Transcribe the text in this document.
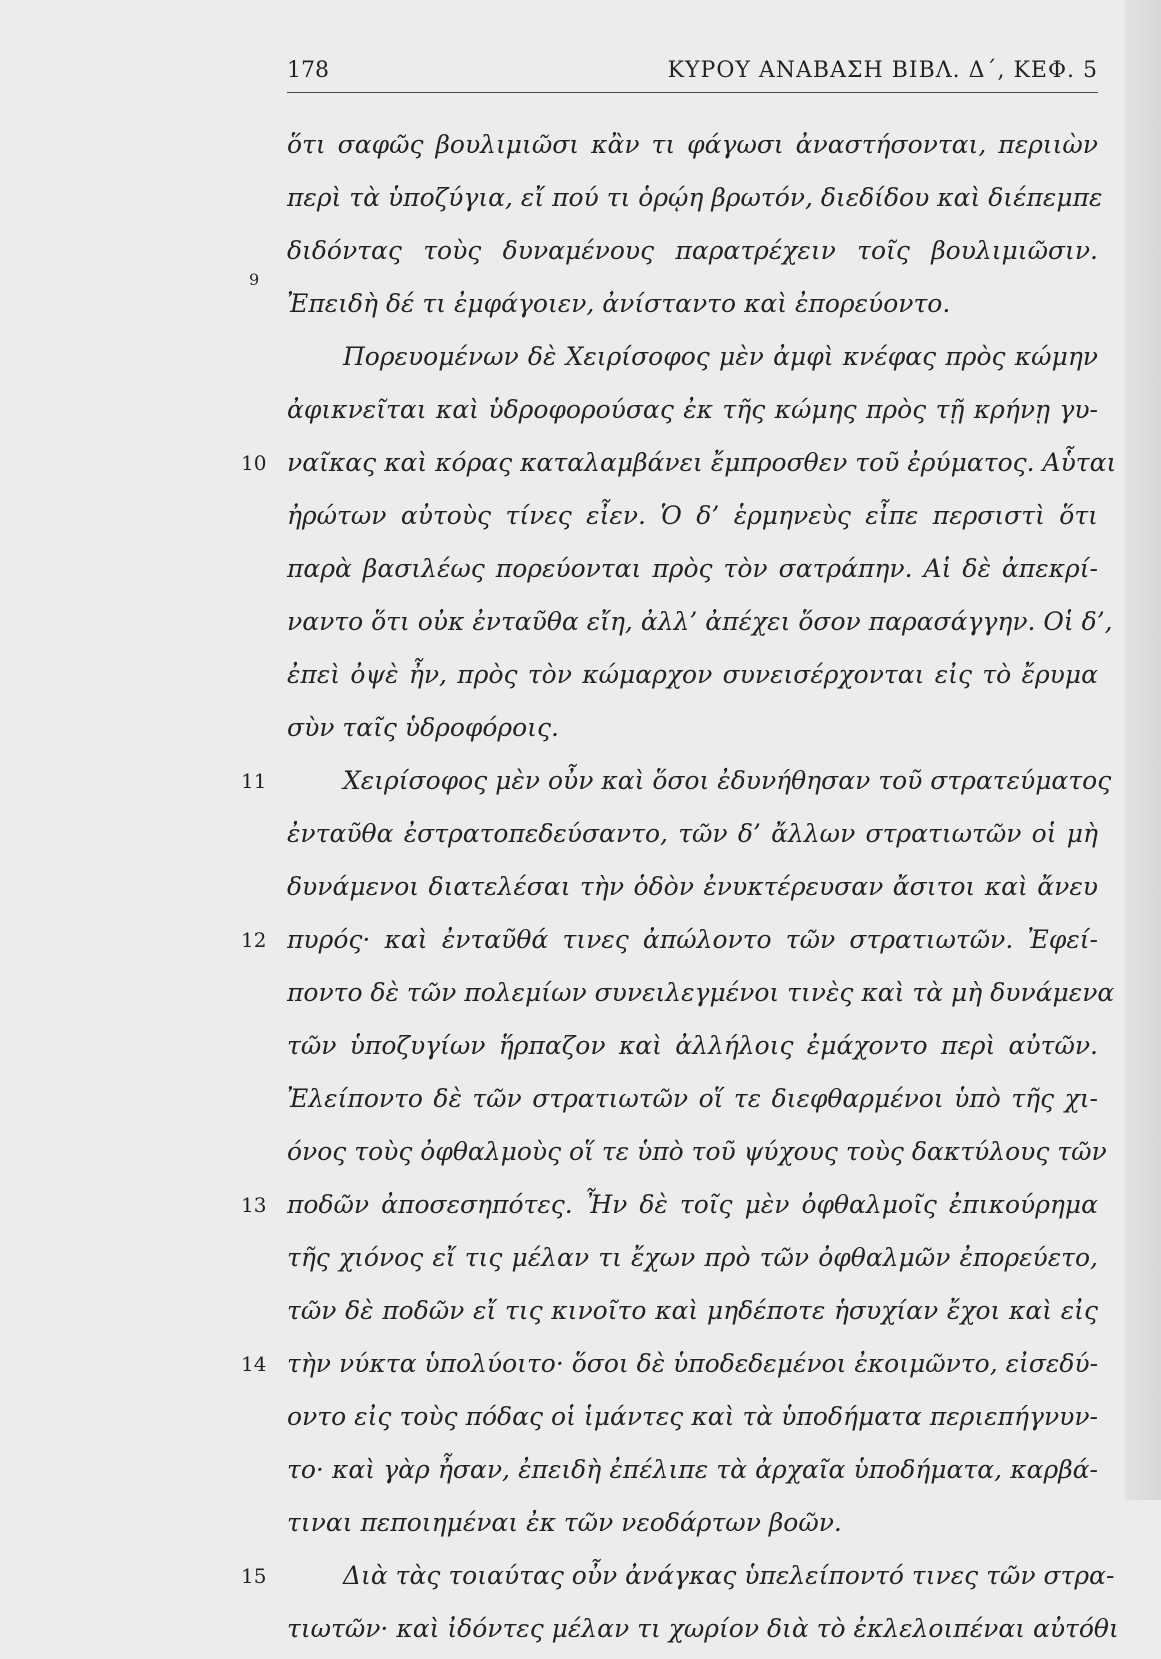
178	ΚΥΡΟΥ ΑΝΑΒΑΣΗ ΒΙΒΛ. Δ΄, ΚΕΦ. 5
ὅτι σαφῶς βουλιμιῶσι κἂν τι φάγωσι ἀναστήσονται, περιιὼν
περὶ τὰ ὑποζύγια, εἴ πού τι ὁρῴη βρωτόν, διεδίδου καὶ διέπεμπε
διδόντας τοὺς δυναμένους παρατρέχειν τοῖς βουλιμιῶσιν.
9
Ἐπειδὴ δέ τι ἐμφάγοιεν, ἀνίσταντο καὶ ἐπορεύοντο.
Πορευομένων δὲ Χειρίσοφος μὲν ἀμφὶ κνέφας πρὸς κώμην
ἀφικνεῖται καὶ ὑδροφορούσας ἐκ τῆς κώμης πρὸς τῇ κρήνῃ γυ-
10 ναῖκας καὶ κόρας καταλαμβάνει ἔμπροσθεν τοῦ ἐρύματος. Αὗται
ἠρώτων αὐτοὺς τίνες εἶεν. Ὁ δ’ ἑρμηνεὺς εἶπε περσιστὶ ὅτι
παρὰ βασιλέως πορεύονται πρὸς τὸν σατράπην. Αἱ δὲ ἀπεκρί-
ναντο ὅτι οὐκ ἐνταῦθα εἴη, ἀλλ’ ἀπέχει ὅσον παρασάγγην. Οἱ δ’,
ἐπεὶ ὀψὲ ἦν, πρὸς τὸν κώμαρχον συνεισέρχονται εἰς τὸ ἔρυμα
σὺν ταῖς ὑδροφόροις.
11	Χειρίσοφος μὲν οὖν καὶ ὅσοι ἐδυνήθησαν τοῦ στρατεύματος
ἐνταῦθα ἐστρατοπεδεύσαντο, τῶν δ’ ἄλλων στρατιωτῶν οἱ μὴ
δυνάμενοι διατελέσαι τὴν ὁδὸν ἐνυκτέρευσαν ἄσιτοι καὶ ἄνευ
12 πυρός· καὶ ἐνταῦθά τινες ἀπώλοντο τῶν στρατιωτῶν. Ἐφεί-
ποντο δὲ τῶν πολεμίων συνειλεγμένοι τινὲς καὶ τὰ μὴ δυνάμενα
τῶν ὑποζυγίων ἥρπαζον καὶ ἀλλήλοις ἐμάχοντο περὶ αὐτῶν.
Ἐλείποντο δὲ τῶν στρατιωτῶν οἵ τε διεφθαρμένοι ὑπὸ τῆς χι-
όνος τοὺς ὀφθαλμοὺς οἵ τε ὑπὸ τοῦ ψύχους τοὺς δακτύλους τῶν
13 ποδῶν ἀποσεσηπότες. Ἦν δὲ τοῖς μὲν ὀφθαλμοῖς ἐπικούρημα
τῆς χιόνος εἴ τις μέλαν τι ἔχων πρὸ τῶν ὀφθαλμῶν ἐπορεύετο,
τῶν δὲ ποδῶν εἴ τις κινοῖτο καὶ μηδέποτε ἡσυχίαν ἔχοι καὶ εἰς
14 τὴν νύκτα ὑπολύοιτο· ὅσοι δὲ ὑποδεδεμένοι ἐκοιμῶντο, εἰσεδύ-
οντο εἰς τοὺς πόδας οἱ ἱμάντες καὶ τὰ ὑποδήματα περιεπήγνυν-
το· καὶ γὰρ ἦσαν, ἐπειδὴ ἐπέλιπε τὰ ἀρχαῖα ὑποδήματα, καρβά-
τιναι πεποιημέναι ἐκ τῶν νεοδάρτων βοῶν.
15	Διὰ τὰς τοιαύτας οὖν ἀνάγκας ὑπελείποντό τινες τῶν στρα-
τιωτῶν· καὶ ἰδόντες μέλαν τι χωρίον διὰ τὸ ἐκλελοιπέναι αὐτόθι
